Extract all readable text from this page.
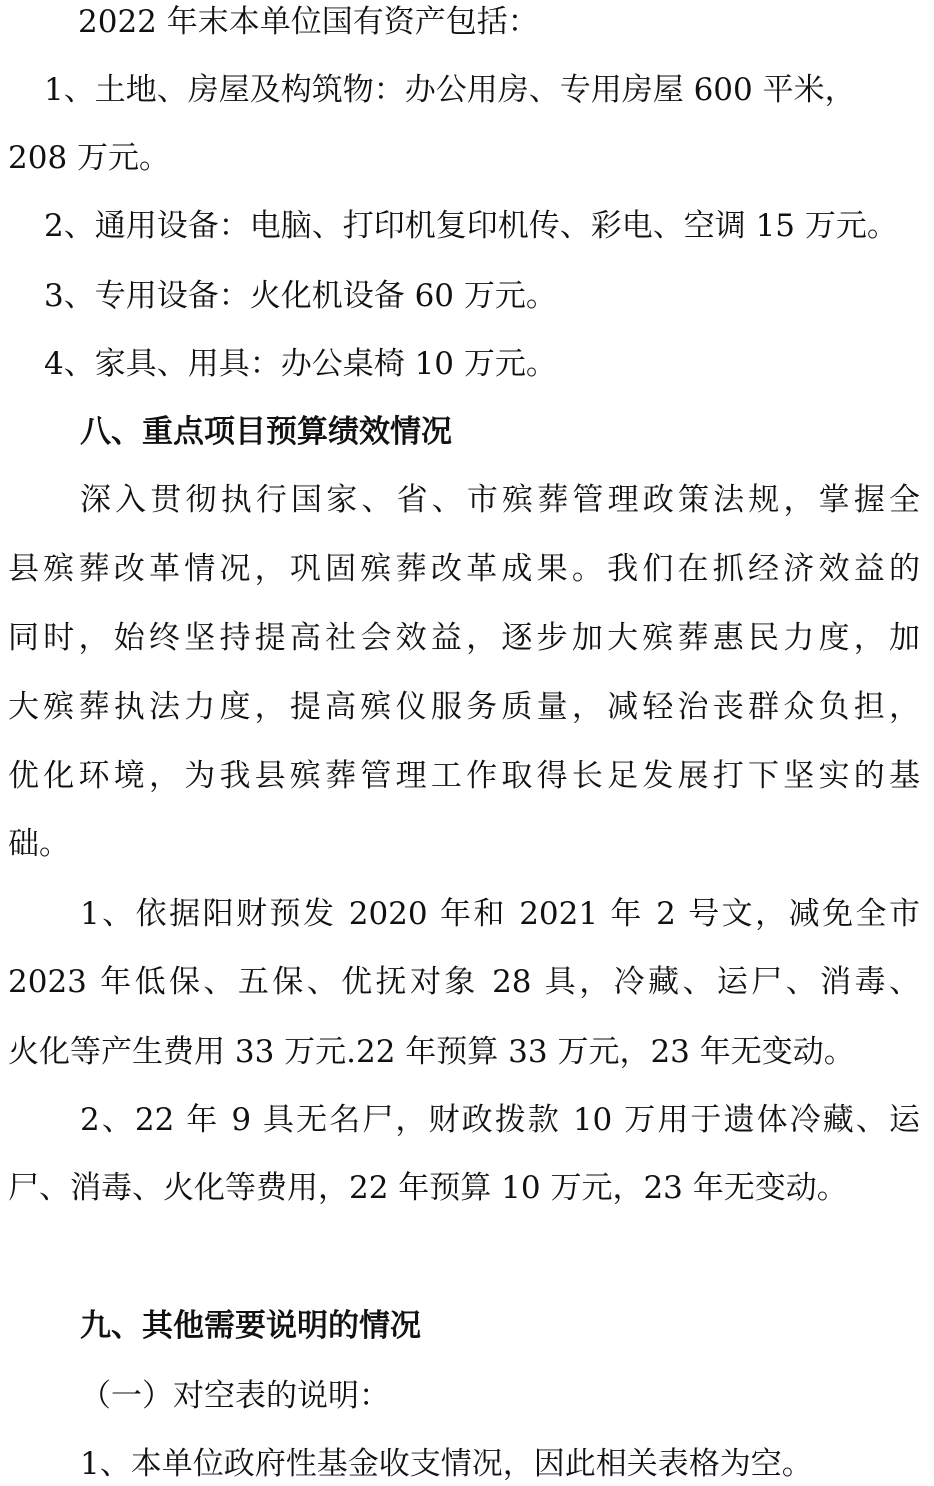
2022 年末本单位国有资产包括：

1、土地、房屋及构筑物：办公用房、专用房屋 600 平米，

208 万元。

2、通用设备：电脑、打印机复印机传、彩电、空调 15 万元。

3、专用设备：火化机设备 60 万元。

4、家具、用具：办公桌椅 10 万元。

八、重点项目预算绩效情况

深入贯彻执行国家、省、市殡葬管理政策法规，掌握全

县殡葬改革情况，巩固殡葬改革成果。我们在抓经济效益的

同时，始终坚持提高社会效益，逐步加大殡葬惠民力度，加

大殡葬执法力度，提高殡仪服务质量，减轻治丧群众负担，

优化环境，为我县殡葬管理工作取得长足发展打下坚实的基

础。

1、依据阳财预发 2020 年和 2021 年 2 号文，减免全市

2023 年低保、五保、优抚对象 28 具，冷藏、运尸、消毒、

火化等产生费用 33 万元.22 年预算 33 万元，23 年无变动。

2、22 年 9 具无名尸，财政拨款 10 万用于遗体冷藏、运

尸、消毒、火化等费用，22 年预算 10 万元，23 年无变动。

九、其他需要说明的情况

（一）对空表的说明：

1、本单位政府性基金收支情况，因此相关表格为空。
